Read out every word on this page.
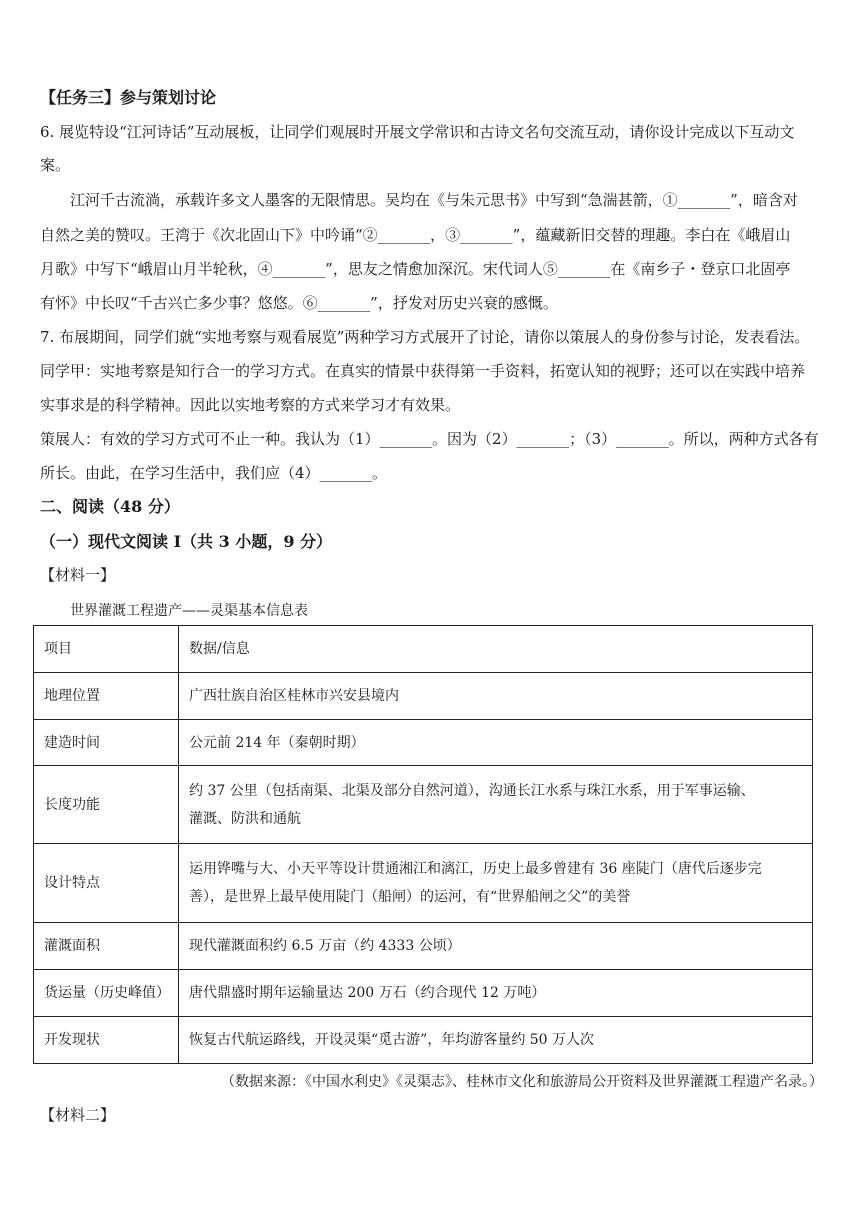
【任务三】参与策划讨论
6. 展览特设“江河诗话”互动展板，让同学们观展时开展文学常识和古诗文名句交流互动，请你设计完成以下互动文
案。
江河千古流淌，承载许多文人墨客的无限情思。吴均在《与朱元思书》中写到“急湍甚箭，①_______”，暗含对
自然之美的赞叹。王湾于《次北固山下》中吟诵“②_______，③_______”，蕴藏新旧交替的理趣。李白在《峨眉山
月歌》中写下“峨眉山月半轮秋，④_______”，思友之情愈加深沉。宋代词人⑤_______在《南乡子・登京口北固亭
有怀》中长叹“千古兴亡多少事？悠悠。⑥_______”，抒发对历史兴衰的感慨。
7. 布展期间，同学们就“实地考察与观看展览”两种学习方式展开了讨论，请你以策展人的身份参与讨论，发表看法。
同学甲：实地考察是知行合一的学习方式。在真实的情景中获得第一手资料，拓宽认知的视野；还可以在实践中培养
实事求是的科学精神。因此以实地考察的方式来学习才有效果。
策展人：有效的学习方式可不止一种。我认为（1）_______。因为（2）_______；（3）_______。所以，两种方式各有
所长。由此，在学习生活中，我们应（4）_______。
二、阅读（48 分）
（一）现代文阅读 I（共 3 小题，9 分）
【材料一】
世界灌溉工程遗产——灵渠基本信息表
项目	数据/信息
地理位置	广西壮族自治区桂林市兴安县境内
建造时间	公元前 214 年（秦朝时期）
长度功能	约 37 公里（包括南渠、北渠及部分自然河道），沟通长江水系与珠江水系，用于军事运输、
灌溉、防洪和通航

设计特点	运用铧嘴与大、小天平等设计贯通湘江和漓江，历史上最多曾建有 36 座陡门（唐代后逐步完
善），是世界上最早使用陡门（船闸）的运河，有“世界船闸之父”的美誉

灌溉面积	现代灌溉面积约 6.5 万亩（约 4333 公顷）
货运量（历史峰值）	唐代鼎盛时期年运输量达 200 万石（约合现代 12 万吨）
开发现状	恢复古代航运路线，开设灵渠“觅古游”，年均游客量约 50 万人次
（数据来源：《中国水利史》《灵渠志》、桂林市文化和旅游局公开资料及世界灌溉工程遗产名录。）
【材料二】
